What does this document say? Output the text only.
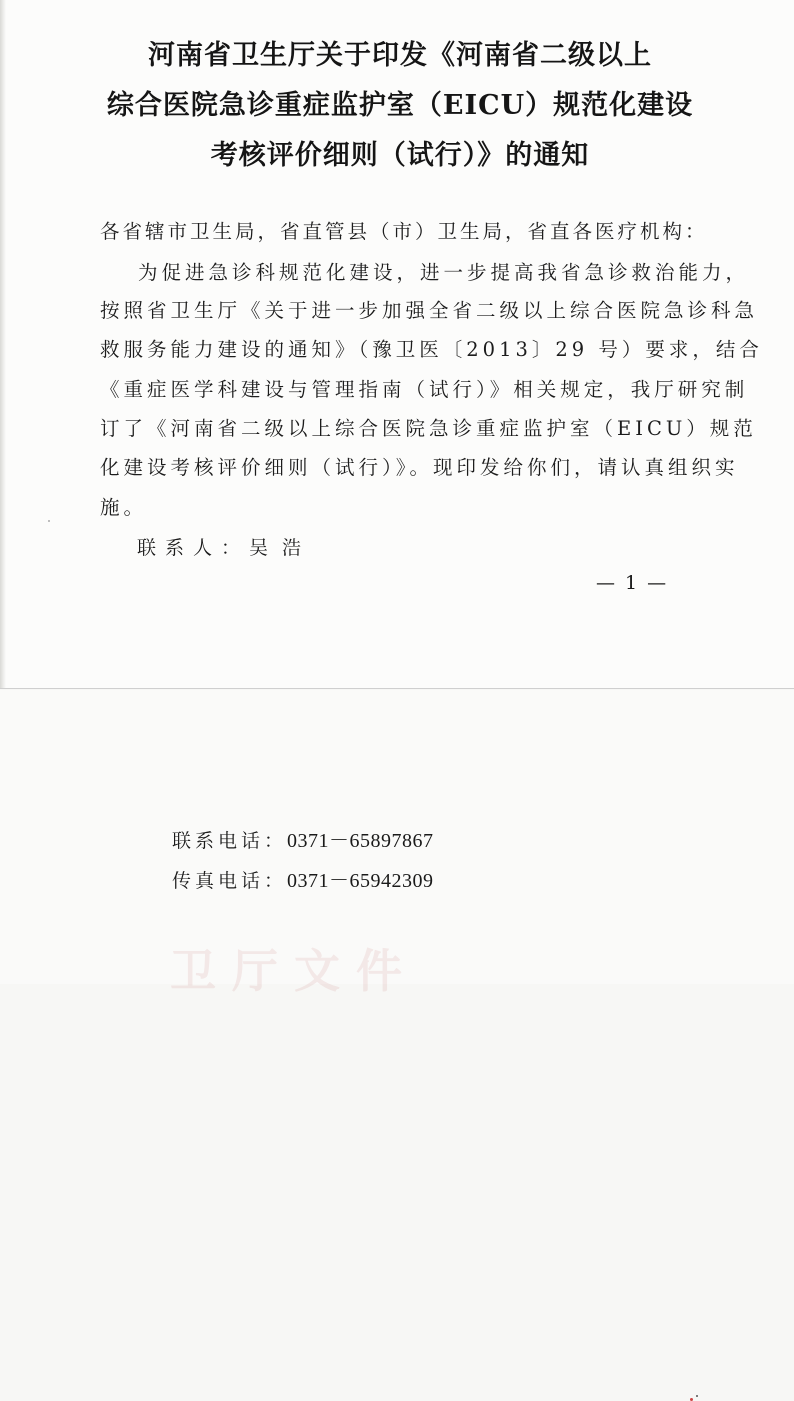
河南省卫生厅关于印发《河南省二级以上
综合医院急诊重症监护室（EICU）规范化建设
考核评价细则（试行）》的通知
各省辖市卫生局，省直管县（市）卫生局，省直各医疗机构：
为促进急诊科规范化建设，进一步提高我省急诊救治能力，
按照省卫生厅《关于进一步加强全省二级以上综合医院急诊科急
救服务能力建设的通知》（豫卫医〔2013〕29 号）要求，结合
《重症医学科建设与管理指南（试行）》相关规定，我厅研究制
订了《河南省二级以上综合医院急诊重症监护室（EICU）规范
化建设考核评价细则（试行）》。现印发给你们，请认真组织实
施。
联系人：吴浩
— 1 —
联系电话：0371－65897867
传真电话：0371－65942309
卫厅文件
